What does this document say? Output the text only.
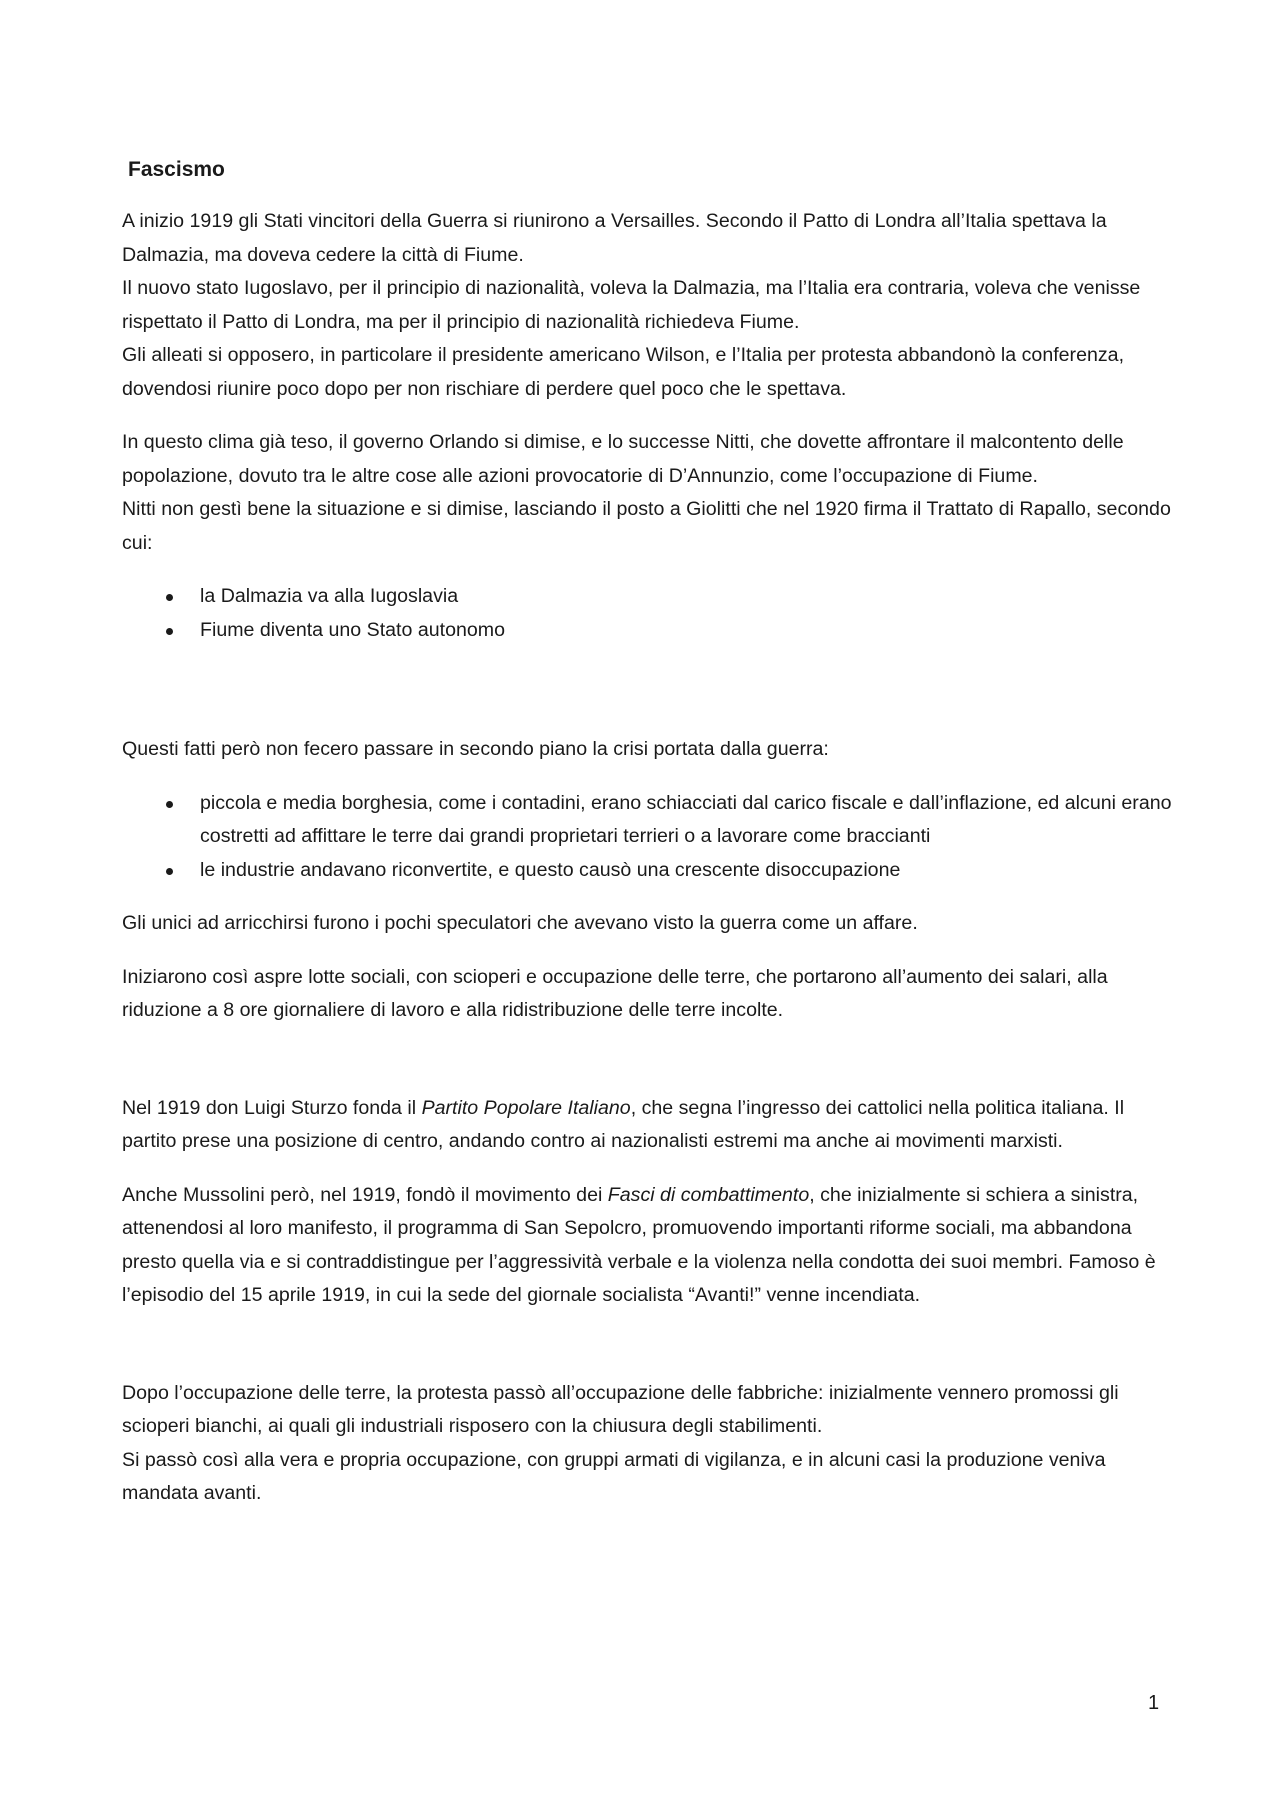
Fascismo

A inizio 1919 gli Stati vincitori della Guerra si riunirono a Versailles. Secondo il Patto di Londra all’Italia spettava la Dalmazia, ma doveva cedere la città di Fiume.

Il nuovo stato Iugoslavo, per il principio di nazionalità, voleva la Dalmazia, ma l’Italia era contraria, voleva che venisse rispettato il Patto di Londra, ma per il principio di nazionalità richiedeva Fiume.

Gli alleati si opposero, in particolare il presidente americano Wilson, e l’Italia per protesta abbandonò la conferenza, dovendosi riunire poco dopo per non rischiare di perdere quel poco che le spettava.

In questo clima già teso, il governo Orlando si dimise, e lo successe Nitti, che dovette affrontare il malcontento delle popolazione, dovuto tra le altre cose alle azioni provocatorie di D’Annunzio, come l’occupazione di Fiume.

Nitti non gestì bene la situazione e si dimise, lasciando il posto a Giolitti che nel 1920 firma il Trattato di Rapallo, secondo cui:

la Dalmazia va alla Iugoslavia
Fiume diventa uno Stato autonomo

Questi fatti però non fecero passare in secondo piano la crisi portata dalla guerra:

piccola e media borghesia, come i contadini, erano schiacciati dal carico fiscale e dall’inflazione, ed alcuni erano costretti ad affittare le terre dai grandi proprietari terrieri o a lavorare come braccianti
le industrie andavano riconvertite, e questo causò una crescente disoccupazione

Gli unici ad arricchirsi furono i pochi speculatori che avevano visto la guerra come un affare.

Iniziarono così aspre lotte sociali, con scioperi e occupazione delle terre, che portarono all’aumento dei salari, alla riduzione a 8 ore giornaliere di lavoro e alla ridistribuzione delle terre incolte.

Nel 1919 don Luigi Sturzo fonda il Partito Popolare Italiano, che segna l’ingresso dei cattolici nella politica italiana. Il partito prese una posizione di centro, andando contro ai nazionalisti estremi ma anche ai movimenti marxisti.

Anche Mussolini però, nel 1919, fondò il movimento dei Fasci di combattimento, che inizialmente si schiera a sinistra, attenendosi al loro manifesto, il programma di San Sepolcro, promuovendo importanti riforme sociali, ma abbandona presto quella via e si contraddistingue per l’aggressività verbale e la violenza nella condotta dei suoi membri. Famoso è l’episodio del 15 aprile 1919, in cui la sede del giornale socialista “Avanti!” venne incendiata.

Dopo l’occupazione delle terre, la protesta passò all’occupazione delle fabbriche: inizialmente vennero promossi gli scioperi bianchi, ai quali gli industriali risposero con la chiusura degli stabilimenti.

Si passò così alla vera e propria occupazione, con gruppi armati di vigilanza, e in alcuni casi la produzione veniva mandata avanti.

1
